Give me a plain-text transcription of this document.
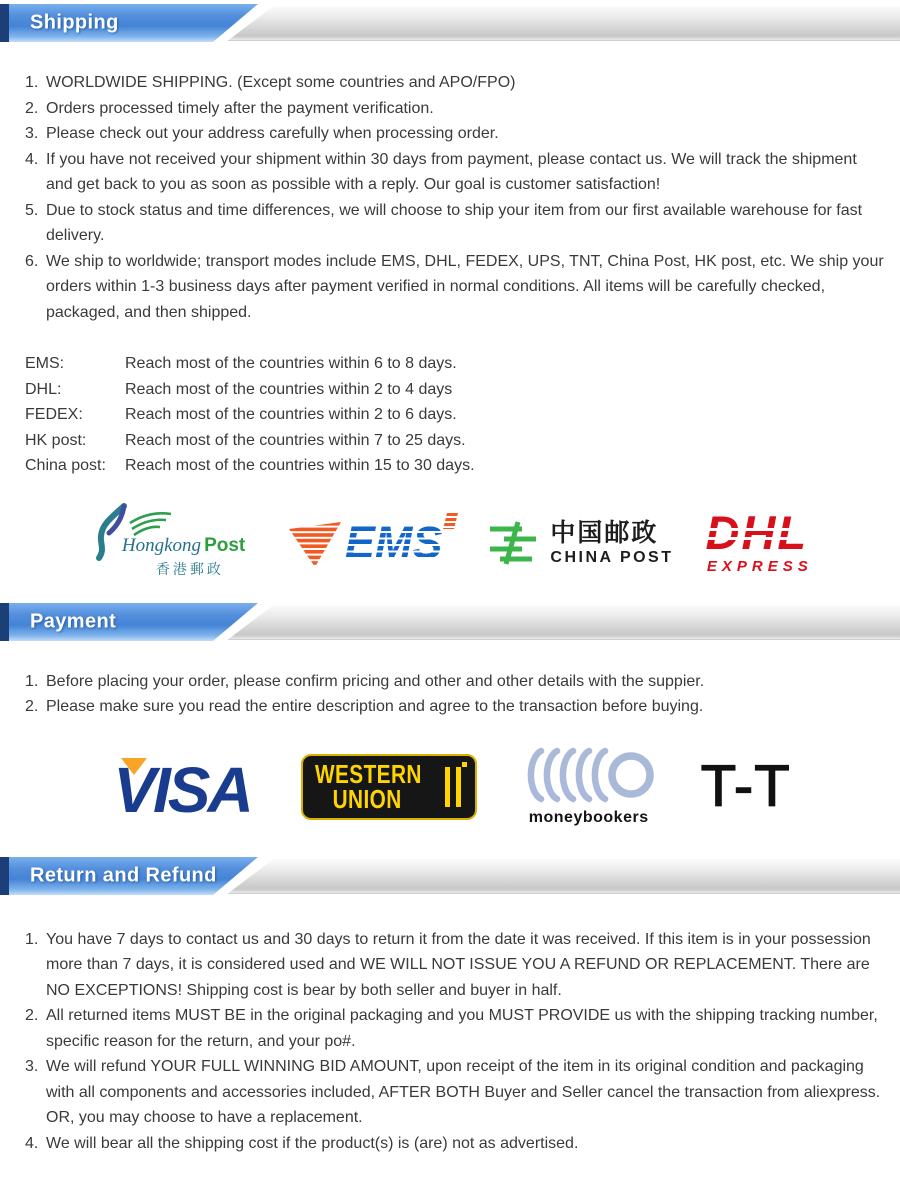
Shipping
1. WORLDWIDE SHIPPING. (Except some countries and APO/FPO)
2. Orders processed timely after the payment verification.
3. Please check out your address carefully when processing order.
4. If you have not received your shipment within 30 days from payment, please contact us. We will track the shipment and get back to you as soon as possible with a reply. Our goal is customer satisfaction!
5. Due to stock status and time differences, we will choose to ship your item from our first available warehouse for fast delivery.
6. We ship to worldwide; transport modes include EMS, DHL, FEDEX, UPS, TNT, China Post, HK post, etc. We ship your orders within 1-3 business days after payment verified in normal conditions. All items will be carefully checked, packaged, and then shipped.
EMS:	Reach most of the countries within 6 to 8 days.
DHL:	Reach most of the countries within 2 to 4 days
FEDEX:	Reach most of the countries within 2 to 6 days.
HK post:	Reach most of the countries within 7 to 25 days.
China post:	Reach most of the countries within 15 to 30 days.
Hongkong Post
香港郵政
EMS	中国邮政
CHINA POST DHL
EXPRESS
Payment
1. Before placing your order, please confirm pricing and other and other details with the suppier.
2. Please make sure you read the entire description and agree to the transaction before buying.
VISA WESTERN
UNION
moneybookers T-T
Return and Refund
1. You have 7 days to contact us and 30 days to return it from the date it was received. If this item is in your possession more than 7 days, it is considered used and WE WILL NOT ISSUE YOU A REFUND OR REPLACEMENT. There are NO EXCEPTIONS! Shipping cost is bear by both seller and buyer in half.
2. All returned items MUST BE in the original packaging and you MUST PROVIDE us with the shipping tracking number, specific reason for the return, and your po#.
3. We will refund YOUR FULL WINNING BID AMOUNT, upon receipt of the item in its original condition and packaging with all components and accessories included, AFTER BOTH Buyer and Seller cancel the transaction from aliexpress. OR, you may choose to have a replacement.
4. We will bear all the shipping cost if the product(s) is (are) not as advertised.
